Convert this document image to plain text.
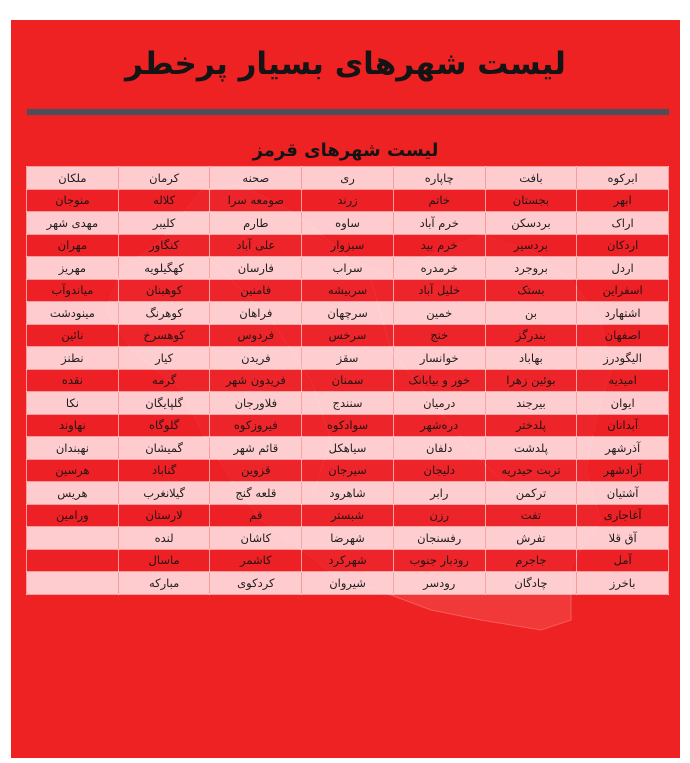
لیست شهرهای بسیار پرخطر
لیست شهرهای قرمز
ابرکوه	بافت	چاپاره	ری	صحنه	کرمان	ملکان
ابهر	بجستان	خاتم	زرند	صومعه سرا	کلاله	منوجان
اراک	بردسکن	خرم آباد	ساوه	طارم	کلیبر	مهدی شهر
اردکان	بردسیر	خرم بید	سبزوار	علی آباد	کنگاور	مهران
اردل	بروجرد	خرمدره	سراب	فارسان	کهگیلویه	مهریز
اسفراین	بستک	خلیل آباد	سربیشه	فامنین	کوهبنان	میاندوآب
اشتهارد	بن	خمین	سرچهان	فراهان	کوهرنگ	مینودشت
اصفهان	بندرگز	خنج	سرخس	فردوس	کوهسرخ	نائین
الیگودرز	بهاباد	خوانسار	سقز	فریدن	کیار	نطنز
امیدیه	بوئین زهرا	خور و بیابانک	سمنان	فریدون شهر	گرمه	نقده
ایوان	بیرجند	درمیان	سنندج	فلاورجان	گلپایگان	نکا
آبدانان	پلدختر	دره‌شهر	سوادکوه	فیروزکوه	گلوگاه	نهاوند
آذرشهر	پلدشت	دلفان	سیاهکل	قائم شهر	گمیشان	نهبندان
آزادشهر	تربت حیدریه	دلیجان	سیرجان	قزوین	گناباد	هرسین
آشتیان	ترکمن	رابر	شاهرود	قلعه گنج	گیلانغرب	هریس
آغاجاری	تفت	رزن	شبستر	قم	لارستان	ورامین
آق قلا	تفرش	رفسنجان	شهرضا	کاشان	لنده	
آمل	جاجرم	رودبار جنوب	شهرکرد	کاشمر	ماسال	
باخرز	چادگان	رودسر	شیروان	کردکوی	مبارکه	
